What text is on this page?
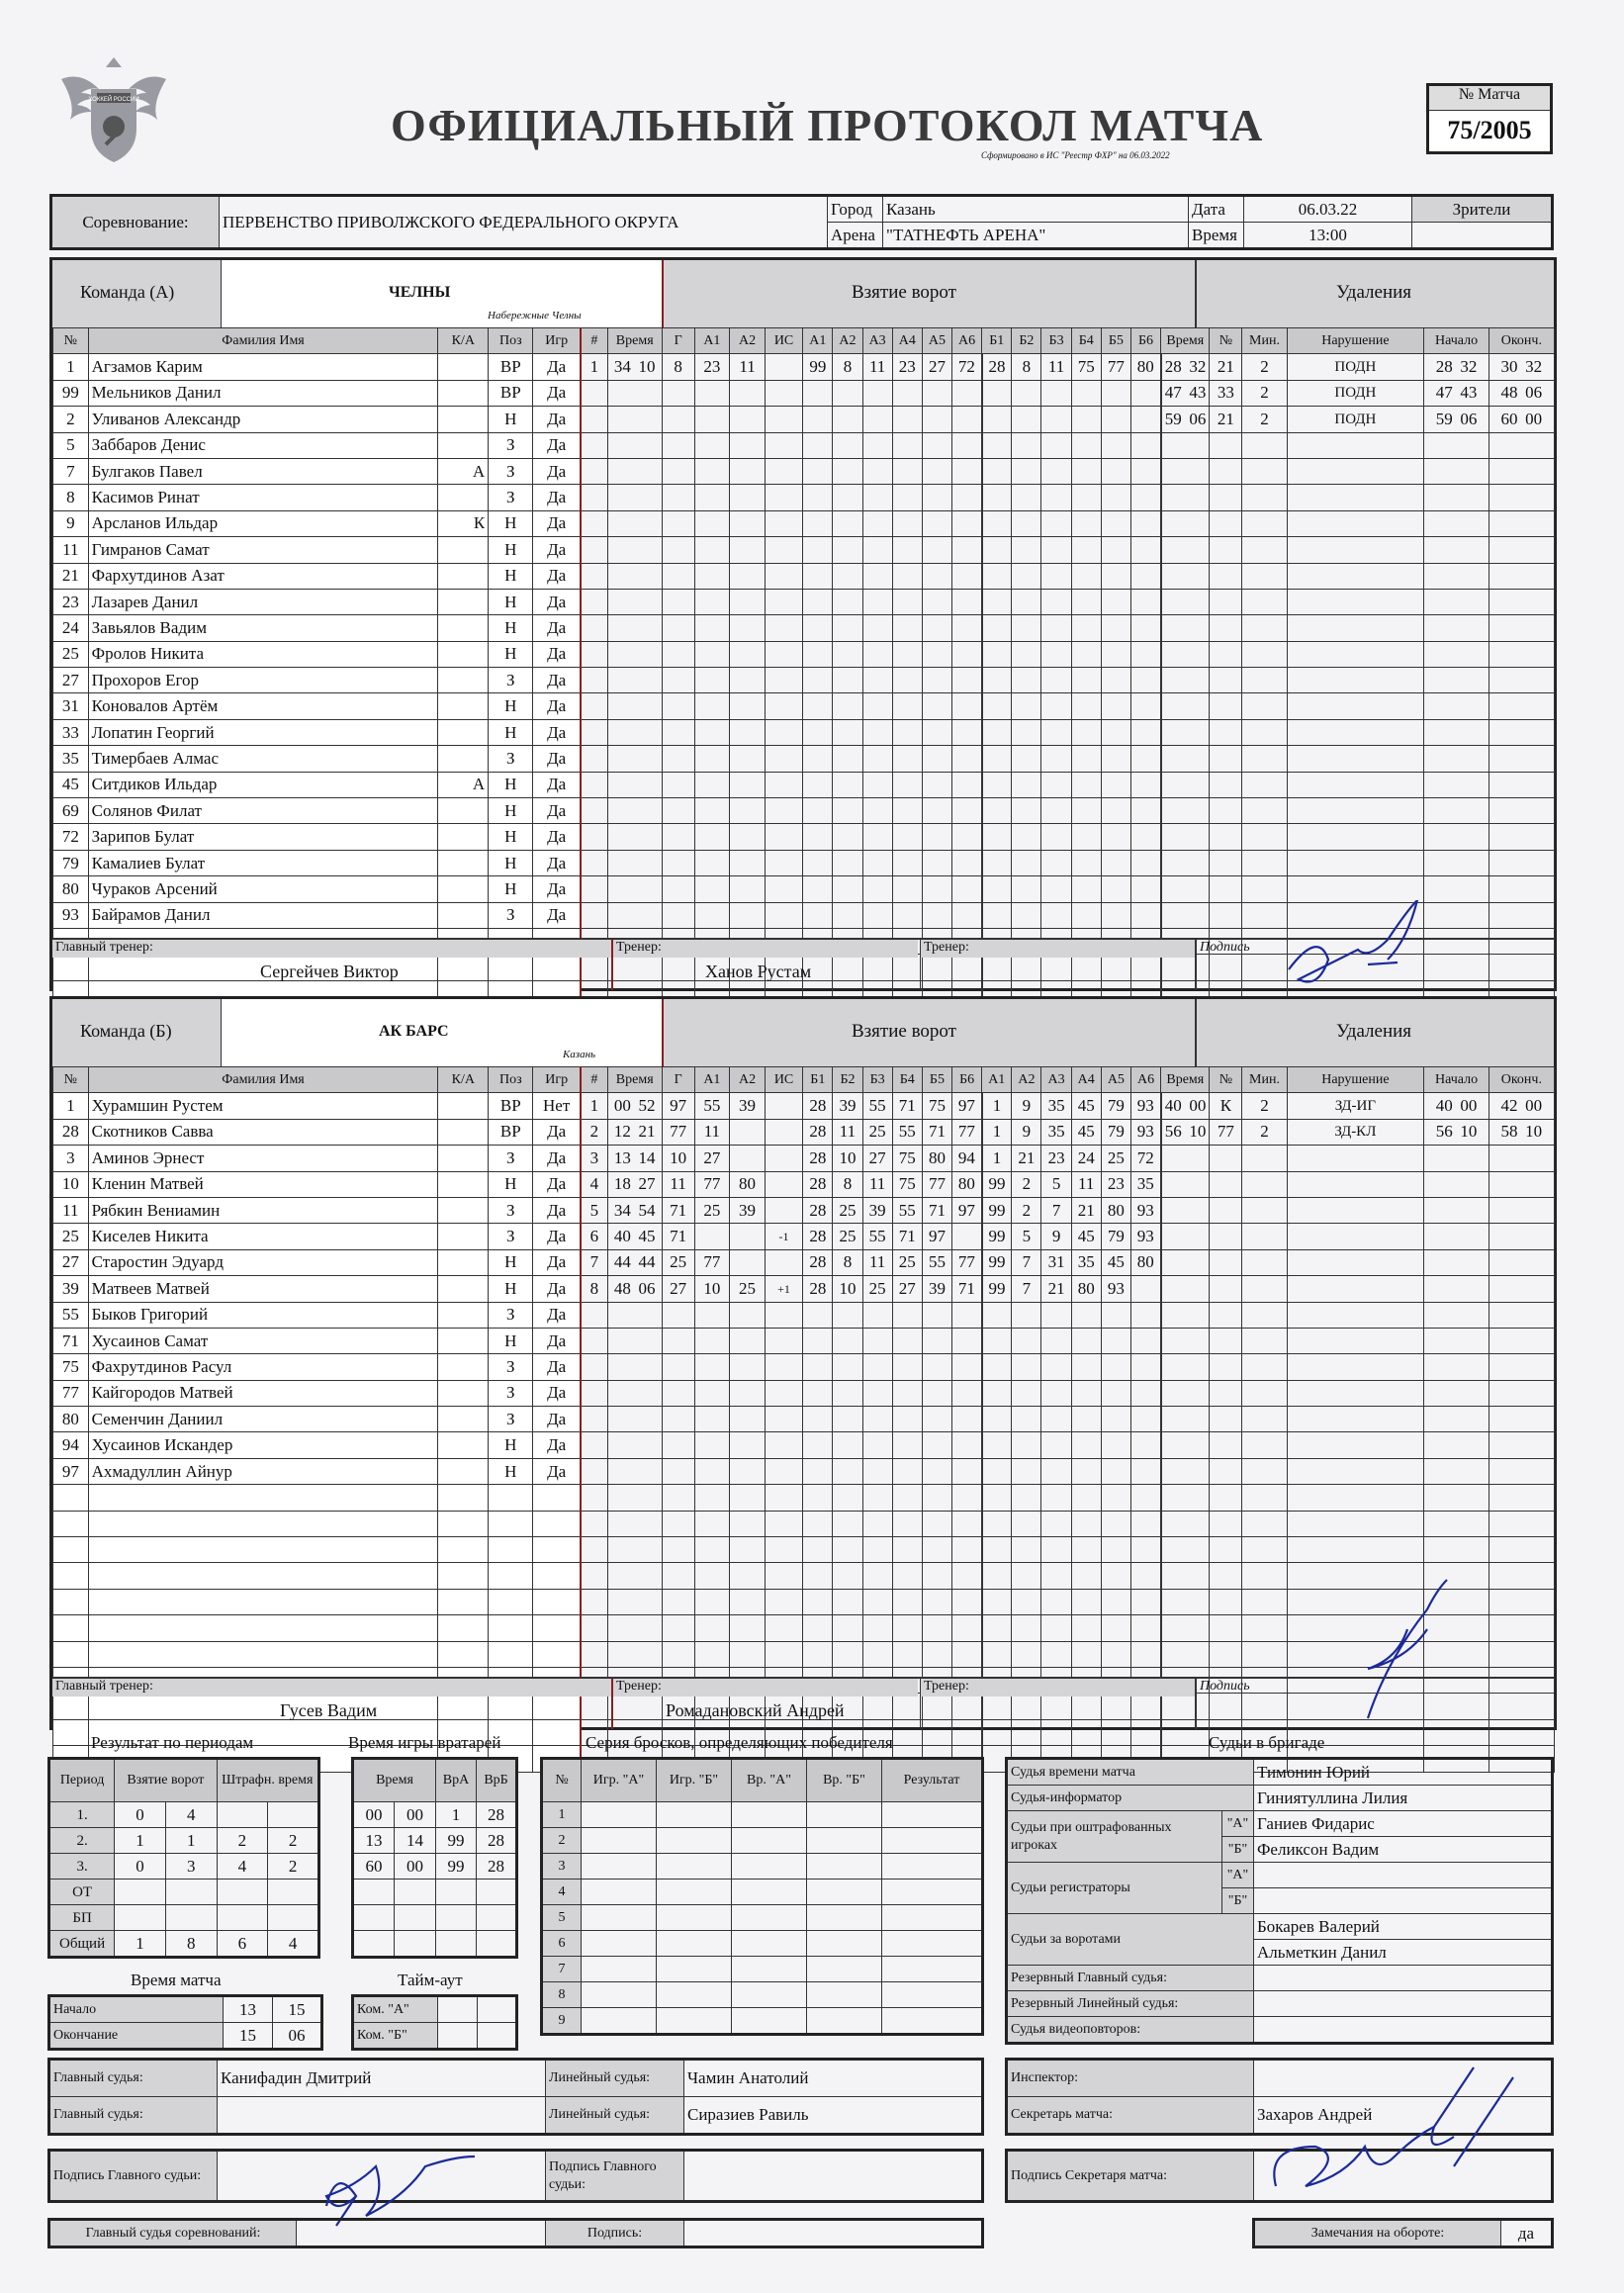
ХОККЕЙ РОССИИ	ОФИЦИАЛЬНЫЙ ПРОТОКОЛ МАТЧА
Сформировано в ИС "Реестр ФХР" на 06.03.2022
№ Матча
75/2005
Соревнование:	ПЕРВЕНСТВО ПРИВОЛЖСКОГО ФЕДЕРАЛЬНОГО ОКРУГА	Город	Казань	Дата	06.03.22	Зрители
		Арена	"ТАТНЕФТЬ АРЕНА"	Время	13:00	
Команда (А)	ЧЕЛНЫ
Набережные Челны
Взятие ворот	Удаления
№	Фамилия Имя	К/А	Поз	Игр	#	Время	Г	А1	А2	ИС	А1	А2	А3	А4	А5	А6	Б1	Б2	Б3	Б4	Б5	Б6	Время	№	Мин.	Нарушение	Начало	Оконч.
1	Агзамов Карим		ВР	Да	1	34  10	8	23	11		99	8	11	23	27	72	28	8	11	75	77	80	28  32	21	2	ПОДН	28  32	30  32
99	Мельников Данил		ВР	Да																			47  43	33	2	ПОДН	47  43	48  06
2	Уливанов Александр		Н	Да																			59  06	21	2	ПОДН	59  06	60  00
5	Заббаров Денис		З	Да																								
7	Булгаков Павел	А	З	Да																								
8	Касимов Ринат		З	Да																								
9	Арсланов Ильдар	К	Н	Да																								
11	Гимранов Самат		Н	Да																								
21	Фархутдинов Азат		Н	Да																								
23	Лазарев Данил		Н	Да																								
24	Завьялов Вадим		Н	Да																								
25	Фролов Никита		Н	Да																								
27	Прохоров Егор		З	Да																								
31	Коновалов Артём		Н	Да																								
33	Лопатин Георгий		Н	Да																								
35	Тимербаев Алмас		З	Да																								
45	Ситдиков Ильдар	А	Н	Да																								
69	Солянов Филат		Н	Да																								
72	Зарипов Булат		Н	Да																								
79	Камалиев Булат		Н	Да																								
80	Чураков Арсений		Н	Да																								
93	Байрамов Данил		З	Да																								

Главный тренер:
Сергейчев Виктор
Тренер:
Ханов Рустам
Тренер:	Подпись
Команда (Б)	АК БАРС
Казань
Взятие ворот	Удаления
№	Фамилия Имя	К/А	Поз	Игр	#	Время	Г	А1	А2	ИС	Б1	Б2	Б3	Б4	Б5	Б6	А1	А2	А3	А4	А5	А6	Время	№	Мин.	Нарушение	Начало	Оконч.
1	Хурамшин Рустем		ВР	Нет	1	00  52	97	55	39		28	39	55	71	75	97	1	9	35	45	79	93	40  00	К	2	ЗД-ИГ	40  00	42  00
28	Скотников Савва		ВР	Да	2	12  21	77	11			28	11	25	55	71	77	1	9	35	45	79	93	56  10	77	2	ЗД-КЛ	56  10	58  10
3	Аминов Эрнест		З	Да	3	13  14	10	27			28	10	27	75	80	94	1	21	23	24	25	72						
10	Кленин Матвей		Н	Да	4	18  27	11	77	80		28	8	11	75	77	80	99	2	5	11	23	35						
11	Рябкин Вениамин		З	Да	5	34  54	71	25	39		28	25	39	55	71	97	99	2	7	21	80	93						
25	Киселев Никита		З	Да	6	40  45	71			-1	28	25	55	71	97		99	5	9	45	79	93						
27	Старостин Эдуард		Н	Да	7	44  44	25	77			28	8	11	25	55	77	99	7	31	35	45	80						
39	Матвеев Матвей		Н	Да	8	48  06	27	10	25	+1	28	10	25	27	39	71	99	7	21	80	93							
55	Быков Григорий		З	Да																								
71	Хусаинов Самат		Н	Да																								
75	Фахрутдинов Расул		З	Да																								
77	Кайгородов Матвей		З	Да																								
80	Семенчин Даниил		З	Да																								
94	Хусаинов Искандер		Н	Да																								
97	Ахмадуллин Айнур		Н	Да																								

Главный тренер:
Гусев Вадим
Тренер:
Ромадановский Андрей
Тренер:	Подпись
Результат по периодам
Период	Взятие ворот		Штрафн. время	
1.	0	4		
2.	1	1	2	2
3.	0	3	4	2
ОТ				
БП				
Общий	1	8	6	4
Время игры вратарей
Время		ВрА	ВрБ
00	00	1	28
13	14	99	28
60	00	99	28

Время матча
Начало	13	15
Окончание	15	06
Тайм-аут
Ком. "А"		
Ком. "Б"		
Серия бросков, определяющих победителя
№	Игр. "А"	Игр. "Б"	Вр. "А"	Вр. "Б"	Результат
1					
2					
3					
4					
5					
6					
7					
8					
9					
Судьи в бригаде
Судья времени матча		Тимонин Юрий
Судья-информатор		Гиниятуллина Лилия
Судьи при оштрафованных игроках	"А"	Ганиев Фидарис
	"Б"	Феликсон Вадим
Судьи регистраторы	"А"	
	"Б"	
Судьи за воротами		Бокарев Валерий
		Альметкин Данил
Резервный Главный судья:		
Резервный Линейный судья:		
Судья видеоповторов:		
Главный судья:	Канифадин Дмитрий	Линейный судья:	Чамин Анатолий
Главный судья:		Линейный судья:	Сиразиев Равиль
Подпись Главного судьи:		Подпись Главного судьи:	
Главный судья соревнований:		Подпись:	
Инспектор:	
Секретарь матча:	Захаров Андрей
Подпись Секретаря матча:	
Замечания на обороте:	да
